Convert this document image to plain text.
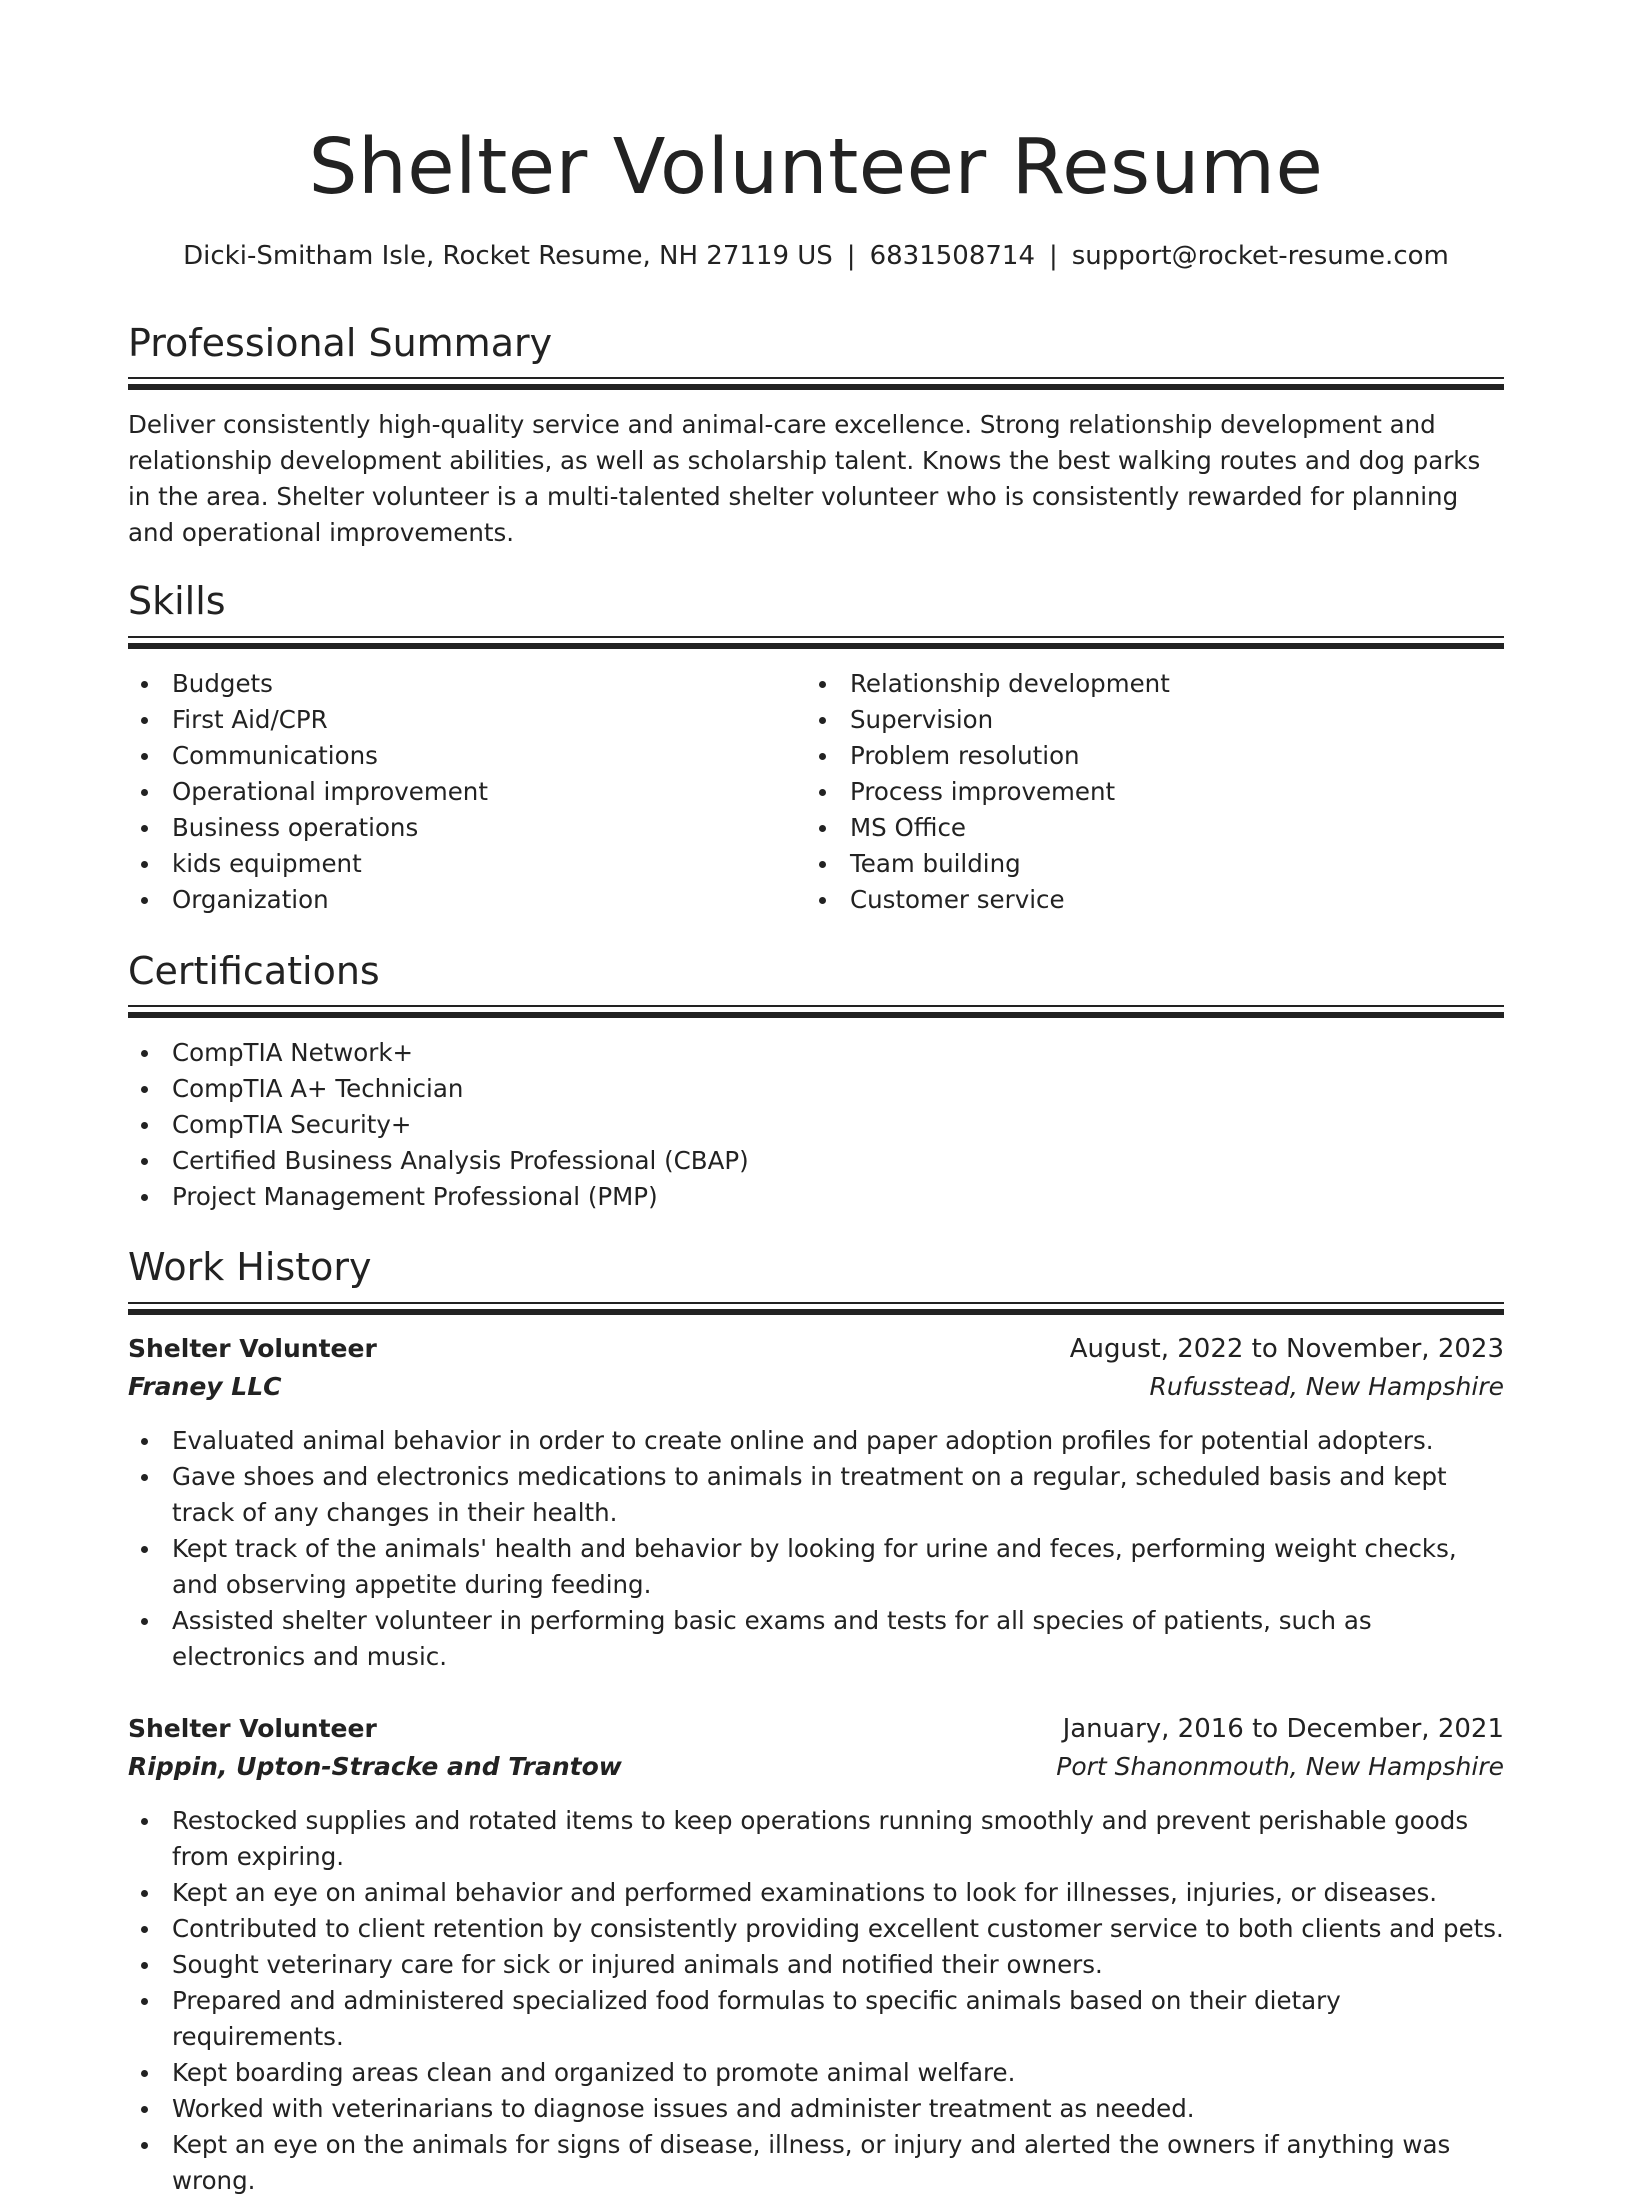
Shelter Volunteer Resume
Dicki-Smitham Isle, Rocket Resume, NH 27119 US | 6831508714 | support@rocket-resume.com
Professional Summary

Deliver consistently high-quality service and animal-care excellence. Strong relationship development and relationship development abilities, as well as scholarship talent. Knows the best walking routes and dog parks in the area. Shelter volunteer is a multi-talented shelter volunteer who is consistently rewarded for planning and operational improvements.

Skills
Budgets
First Aid/CPR
Communications
Operational improvement
Business operations
kids equipment
Organization
Relationship development
Supervision
Problem resolution
Process improvement
MS Office
Team building
Customer service
Certifications
CompTIA Network+
CompTIA A+ Technician
CompTIA Security+
Certified Business Analysis Professional (CBAP)
Project Management Professional (PMP)
Work History
Shelter Volunteer	August, 2022 to November, 2023
Franey LLC	Rufusstead, New Hampshire
Evaluated animal behavior in order to create online and paper adoption profiles for potential adopters.
Gave shoes and electronics medications to animals in treatment on a regular, scheduled basis and kept track of any changes in their health.
Kept track of the animals' health and behavior by looking for urine and feces, performing weight checks, and observing appetite during feeding.
Assisted shelter volunteer in performing basic exams and tests for all species of patients, such as electronics and music.
Shelter Volunteer	January, 2016 to December, 2021
Rippin, Upton-Stracke and Trantow	Port Shanonmouth, New Hampshire
Restocked supplies and rotated items to keep operations running smoothly and prevent perishable goods from expiring.
Kept an eye on animal behavior and performed examinations to look for illnesses, injuries, or diseases.
Contributed to client retention by consistently providing excellent customer service to both clients and pets.
Sought veterinary care for sick or injured animals and notified their owners.
Prepared and administered specialized food formulas to specific animals based on their dietary requirements.
Kept boarding areas clean and organized to promote animal welfare.
Worked with veterinarians to diagnose issues and administer treatment as needed.
Kept an eye on the animals for signs of disease, illness, or injury and alerted the owners if anything was wrong.
